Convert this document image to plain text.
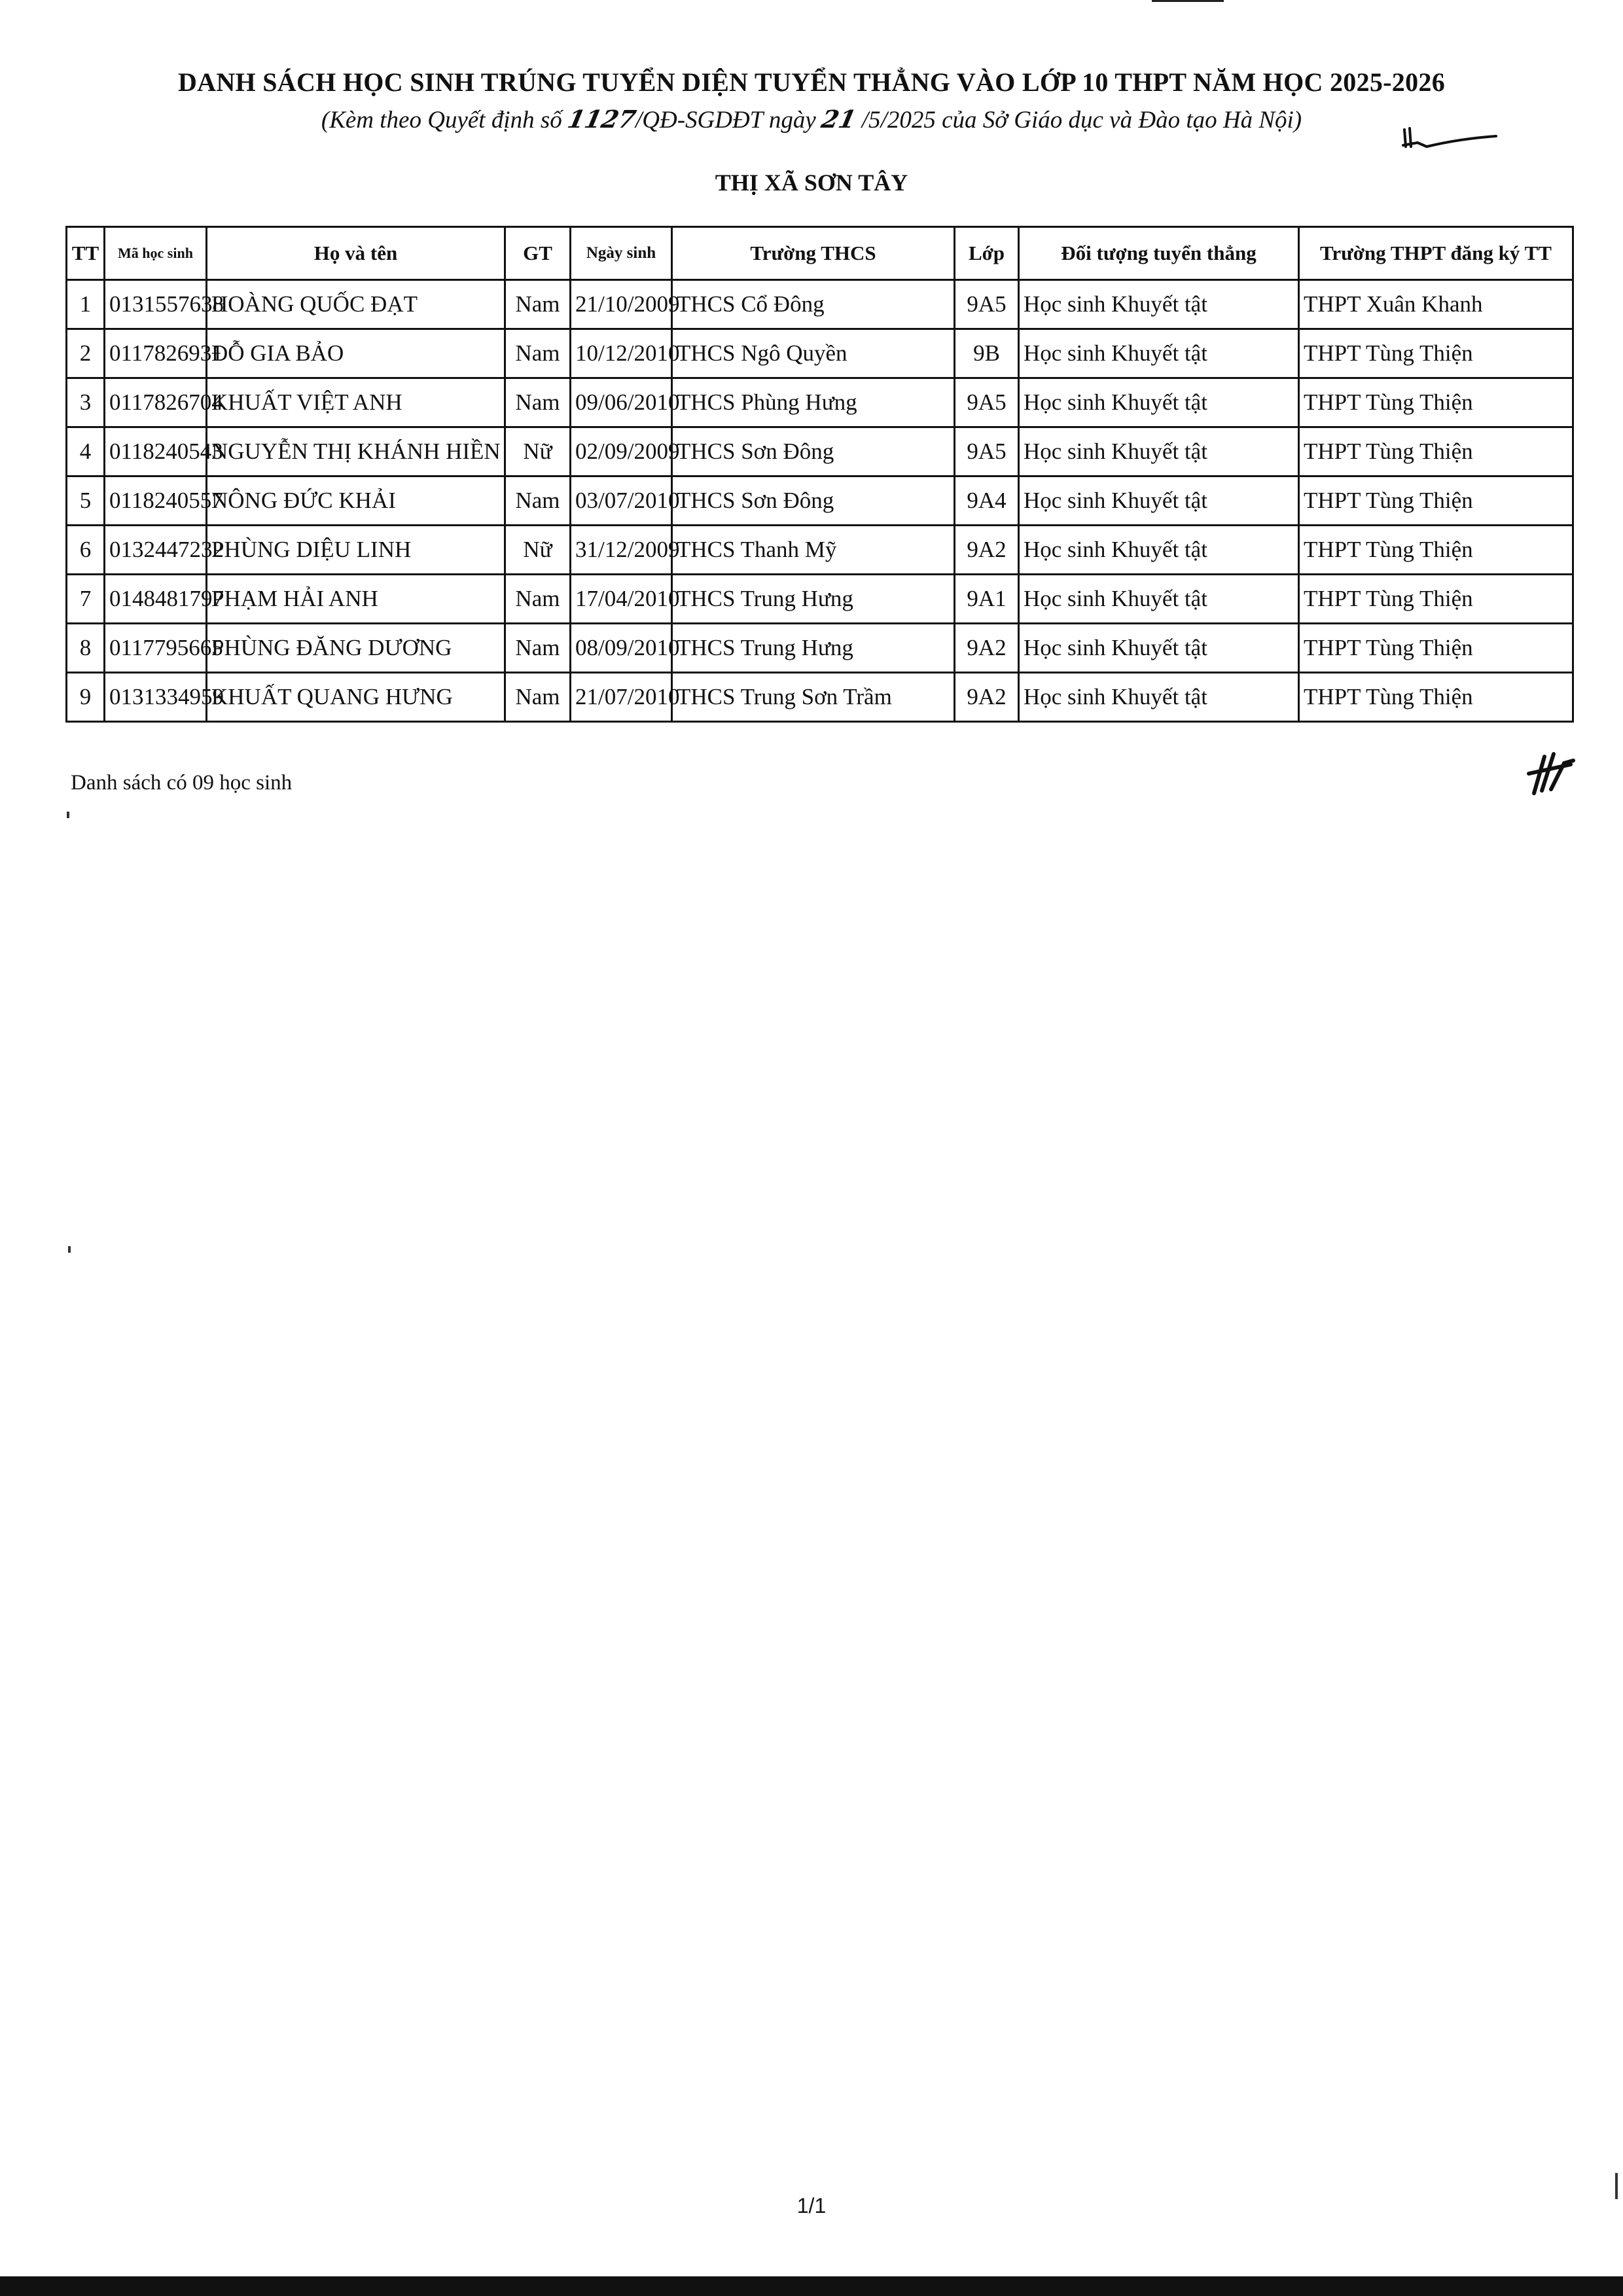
DANH SÁCH HỌC SINH TRÚNG TUYỂN DIỆN TUYỂN THẲNG VÀO LỚP 10 THPT NĂM HỌC 2025-2026
(Kèm theo Quyết định số 1127/QĐ-SGDĐT ngày 21 /5/2025 của Sở Giáo dục và Đào tạo Hà Nội)
THỊ XÃ SƠN TÂY
TT	Mã học sinh	Họ và tên	GT	Ngày sinh	Trường THCS	Lớp	Đối tượng tuyển thẳng	Trường THPT đăng ký TT
1	0131557638	HOÀNG QUỐC ĐẠT	Nam	21/10/2009	THCS Cổ Đông	9A5	Học sinh Khuyết tật	THPT Xuân Khanh
2	0117826931	ĐỖ GIA BẢO	Nam	10/12/2010	THCS Ngô Quyền	9B	Học sinh Khuyết tật	THPT Tùng Thiện
3	0117826704	KHUẤT VIỆT ANH	Nam	09/06/2010	THCS Phùng Hưng	9A5	Học sinh Khuyết tật	THPT Tùng Thiện
4	0118240543	NGUYỄN THỊ KHÁNH HIỀN	Nữ	02/09/2009	THCS Sơn Đông	9A5	Học sinh Khuyết tật	THPT Tùng Thiện
5	0118240557	NÔNG ĐỨC KHẢI	Nam	03/07/2010	THCS Sơn Đông	9A4	Học sinh Khuyết tật	THPT Tùng Thiện
6	0132447232	PHÙNG DIỆU LINH	Nữ	31/12/2009	THCS Thanh Mỹ	9A2	Học sinh Khuyết tật	THPT Tùng Thiện
7	0148481797	PHẠM HẢI ANH	Nam	17/04/2010	THCS Trung Hưng	9A1	Học sinh Khuyết tật	THPT Tùng Thiện
8	0117795665	PHÙNG ĐĂNG DƯƠNG	Nam	08/09/2010	THCS Trung Hưng	9A2	Học sinh Khuyết tật	THPT Tùng Thiện
9	0131334959	KHUẤT QUANG HƯNG	Nam	21/07/2010	THCS Trung Sơn Trầm	9A2	Học sinh Khuyết tật	THPT Tùng Thiện
Danh sách có 09 học sinh
1/1
